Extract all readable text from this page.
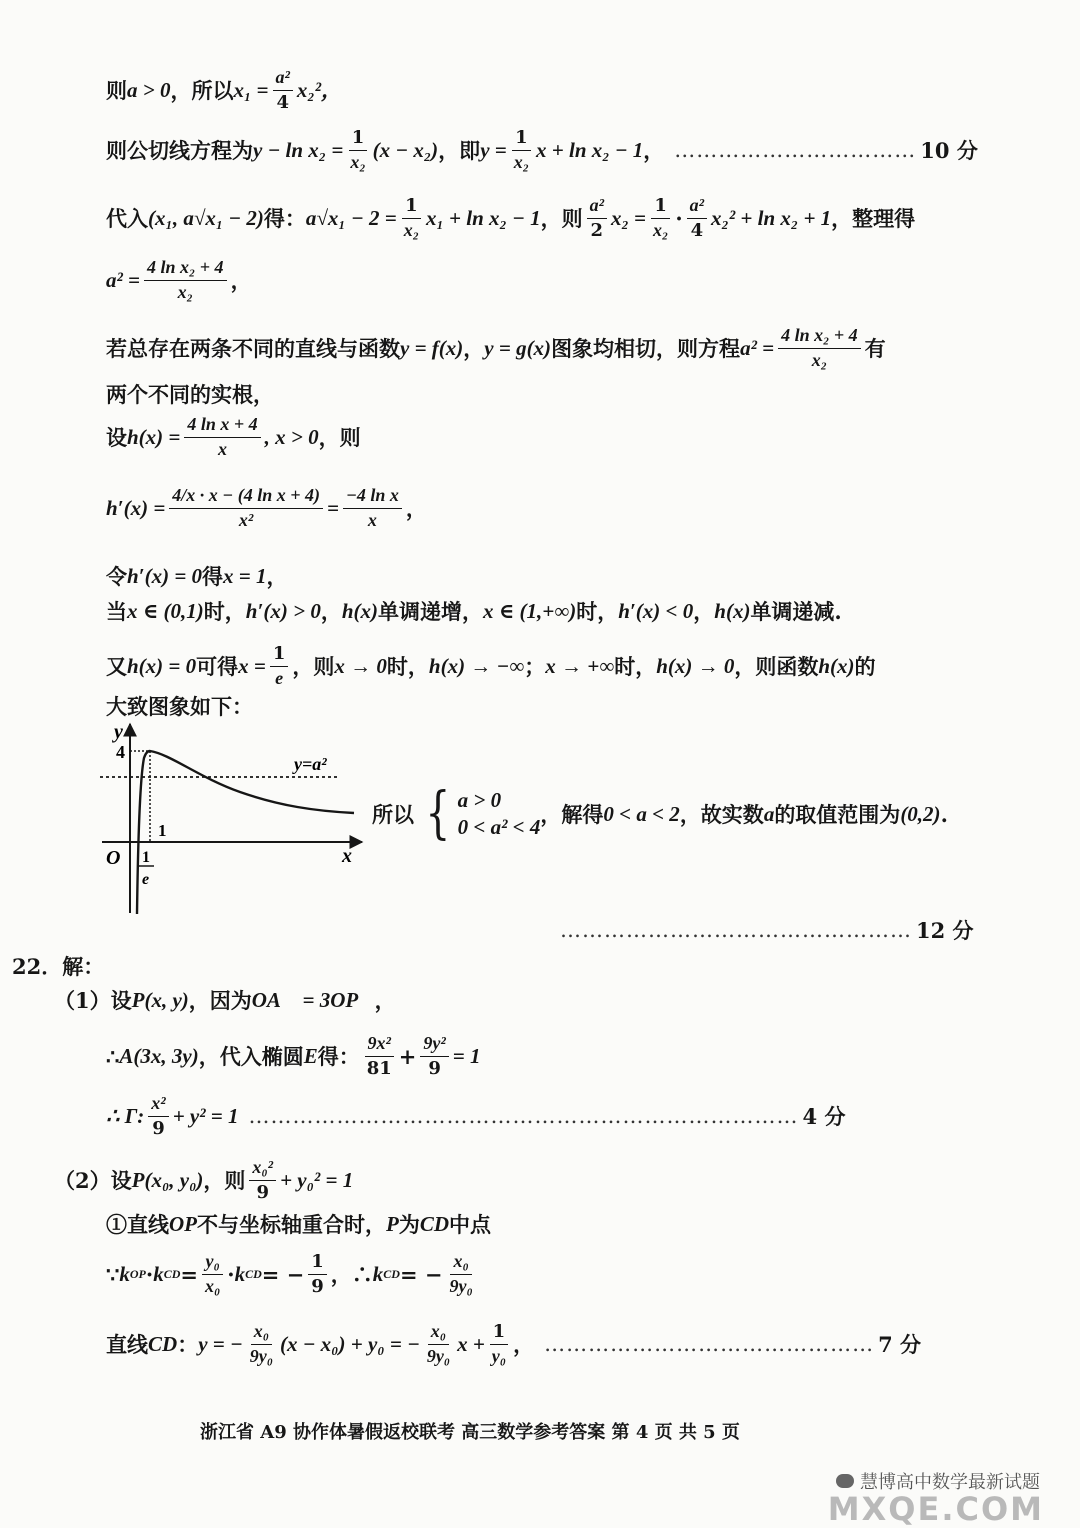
则 a > 0 ，所以 $x_1 = \frac{\text{a²}}{4} x_2^2$，
则公切线方程为 $y - \ln x_2 = \frac{1}{\text{x₂}} (x - x_2)$ ，即 $y = \frac{1}{\text{x₂}}$ x + ln x₂ − 1 ， …………………………… 10 分
代入 (x₁, a√x₁ − 2) 得： $a√x_1 - 2 = \frac{1}{\text{x₂}} x_1 + \ln x_2 - 1$ ，则 $\frac{\text{a²}}{2} x_2 = \frac{1}{\text{x₂}} \cdot \frac{\text{a²}}{4} x_2^2 + \ln x_2 + 1$ ，整理得
$a^2 = \frac{\text{4 ln x₂ + 4}}{\text{x₂}}$ ，
若总存在两条不同的直线与函数 y = f(x) ， y = g(x) 图象均相切，则方程 $a^2 = \frac{\text{4 ln x₂ + 4}}{\text{x₂}}$ 有
两个不同的实根，
设 $h(x) = \frac{\text{4 ln x + 4}}{x}$ , x > 0 ，则
$h'(x) = \frac{\text{4/x · x − (4 ln x + 4)}}{\text{x²}} = \frac{\text{−4 ln x}}{x}$ ，
令 h′(x) = 0 得 x = 1 ，
当 x ∈ (0,1) 时， h′(x) > 0 ， h(x) 单调递增， x ∈ (1,+∞) 时， h′(x) < 0 ， h(x) 单调递减.
又 h(x) = 0 可得 $x = \frac{1}{e}$ ，则 x → 0 时， h(x) → −∞ ； x → +∞ 时， h(x) → 0 ，则函数 h(x) 的
大致图象如下：
y
4
y=a²
1
O 1
e
x
所以 { a > 0
0 < a² < 4
，解得 0 < a < 2 ，故实数 a 的取值范围为 (0,2) .
………………………………………… 12 分
22．解：
（1）设 P(x, y) ，因为 OA⃗ = 3OP⃗ ，
∴ A(3x, 3y) ，代入椭圆 E 得： $\frac{\text{9x²}}{81} + \frac{\text{9y²}}{9} = 1$
∴ Γ: $\frac{\text{x²}}{9} + y^2 = 1$ ………………………………………………………………… 4 分
（2）设 P(x₀, y₀) ，则 $\frac{\text{x₀²}}{9} + y_0^2 = 1$
①直线 OP 不与坐标轴重合时， P 为 CD 中点
∵ k OP · k CD = $\frac{\text{y₀}}{\text{x₀}} \cdot k$ CD = − $\frac{1}{9}$ ，∴ k CD = − $\frac{\text{x₀}}{\text{9y₀}}$
直线 CD ： y = − $\frac{\text{x₀}}{\text{9y₀}} (x - x_0) + y_0$ = − $\frac{\text{x₀}}{\text{9y₀}}$ $x + \frac{1}{\text{y₀}}$ ， ……………………………………… 7 分
浙江省 A9 协作体暑假返校联考 高三数学参考答案 第 4 页 共 5 页
慧博高中数学最新试题
MXQE.COM
